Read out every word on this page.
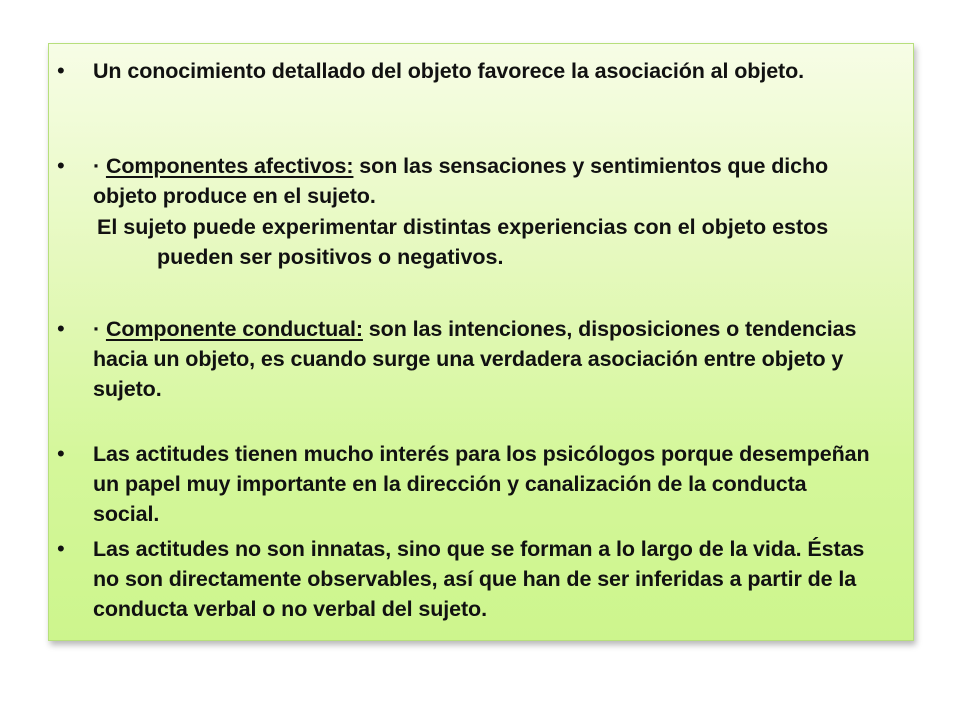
• Un conocimiento detallado del objeto favorece la asociación al objeto.
• · Componentes afectivos: son las sensaciones y sentimientos que dicho objeto produce en el sujeto.
El sujeto puede experimentar distintas experiencias con el objeto estos pueden ser positivos o negativos.
• · Componente conductual: son las intenciones, disposiciones o tendencias hacia un objeto, es cuando surge una verdadera asociación entre objeto y sujeto.
• Las actitudes tienen mucho interés para los psicólogos porque desempeñan un papel muy importante en la dirección y canalización de la conducta social.
• Las actitudes no son innatas, sino que se forman a lo largo de la vida. Éstas no son directamente observables, así que han de ser inferidas a partir de la conducta verbal o no verbal del sujeto.
